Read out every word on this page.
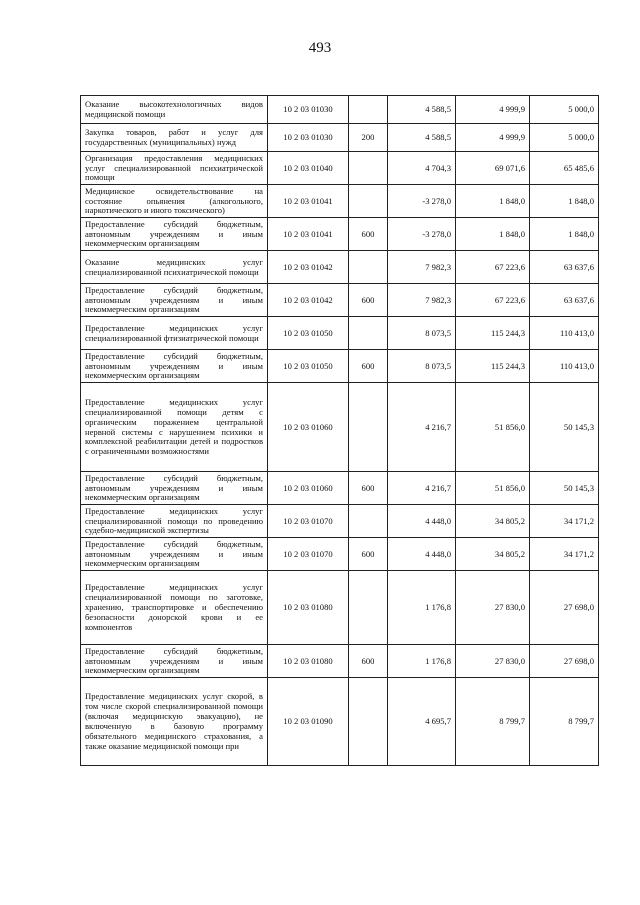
493
Оказание высокотехнологичных видов медицинской помощи	10 2 03 01030		4 588,5	4 999,9	5 000,0
Закупка товаров, работ и услуг для государственных (муниципальных) нужд	10 2 03 01030	200	4 588,5	4 999,9	5 000,0
Организация предоставления медицинских услуг специализированной психиатрической помощи	10 2 03 01040		4 704,3	69 071,6	65 485,6
Медицинское освидетельствование на состояние опьянения (алкогольного, наркотического и иного токсического)	10 2 03 01041		-3 278,0	1 848,0	1 848,0
Предоставление субсидий бюджетным, автономным учреждениям и иным некоммерческим организациям	10 2 03 01041	600	-3 278,0	1 848,0	1 848,0
Оказание медицинских услуг специализированной психиатрической помощи	10 2 03 01042		7 982,3	67 223,6	63 637,6
Предоставление субсидий бюджетным, автономным учреждениям и иным некоммерческим организациям	10 2 03 01042	600	7 982,3	67 223,6	63 637,6
Предоставление медицинских услуг специализированной фтизиатрической помощи	10 2 03 01050		8 073,5	115 244,3	110 413,0
Предоставление субсидий бюджетным, автономным учреждениям и иным некоммерческим организациям	10 2 03 01050	600	8 073,5	115 244,3	110 413,0
Предоставление медицинских услуг специализированной помощи детям с органическим поражением центральной нервной системы с нарушением психики и комплексной реабилитации детей и подростков с ограниченными возможностями	10 2 03 01060		4 216,7	51 856,0	50 145,3
Предоставление субсидий бюджетным, автономным учреждениям и иным некоммерческим организациям	10 2 03 01060	600	4 216,7	51 856,0	50 145,3
Предоставление медицинских услуг специализированной помощи по проведению судебно-медицинской экспертизы	10 2 03 01070		4 448,0	34 805,2	34 171,2
Предоставление субсидий бюджетным, автономным учреждениям и иным некоммерческим организациям	10 2 03 01070	600	4 448,0	34 805,2	34 171,2
Предоставление медицинских услуг специализированной помощи по заготовке, хранению, транспортировке и обеспечению безопасности донорской крови и ее компонентов	10 2 03 01080		1 176,8	27 830,0	27 698,0
Предоставление субсидий бюджетным, автономным учреждениям и иным некоммерческим организациям	10 2 03 01080	600	1 176,8	27 830,0	27 698,0
Предоставление медицинских услуг скорой, в том числе скорой специализированной помощи (включая медицинскую эвакуацию), не включенную в базовую программу обязательного медицинского страхования, а также оказание медицинской помощи при	10 2 03 01090		4 695,7	8 799,7	8 799,7
